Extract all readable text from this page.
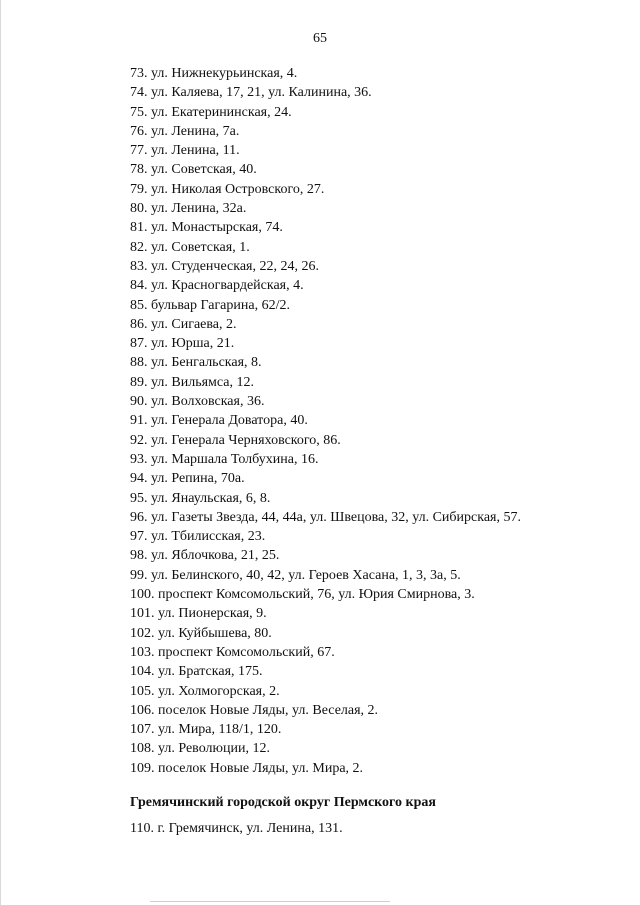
65
73. ул. Нижнекурьинская, 4.
74. ул. Каляева, 17, 21, ул. Калинина, 36.
75. ул. Екатерининская, 24.
76. ул. Ленина, 7а.
77. ул. Ленина, 11.
78. ул. Советская, 40.
79. ул. Николая Островского, 27.
80. ул. Ленина, 32а.
81. ул. Монастырская, 74.
82. ул. Советская, 1.
83. ул. Студенческая, 22, 24, 26.
84. ул. Красногвардейская, 4.
85. бульвар Гагарина, 62/2.
86. ул. Сигаева, 2.
87. ул. Юрша, 21.
88. ул. Бенгальская, 8.
89. ул. Вильямса, 12.
90. ул. Волховская, 36.
91. ул. Генерала Доватора, 40.
92. ул. Генерала Черняховского, 86.
93. ул. Маршала Толбухина, 16.
94. ул. Репина, 70а.
95. ул. Янаульская, 6, 8.
96. ул. Газеты Звезда, 44, 44а, ул. Швецова, 32, ул. Сибирская, 57.
97. ул. Тбилисская, 23.
98. ул. Яблочкова, 21, 25.
99. ул. Белинского, 40, 42, ул. Героев Хасана, 1, 3, 3а, 5.
100. проспект Комсомольский, 76, ул. Юрия Смирнова, 3.
101. ул. Пионерская, 9.
102. ул. Куйбышева, 80.
103. проспект Комсомольский, 67.
104. ул. Братская, 175.
105. ул. Холмогорская, 2.
106. поселок Новые Ляды, ул. Веселая, 2.
107. ул. Мира, 118/1, 120.
108. ул. Революции, 12.
109. поселок Новые Ляды, ул. Мира, 2.
Гремячинский городской округ Пермского края
110. г. Гремячинск, ул. Ленина, 131.
